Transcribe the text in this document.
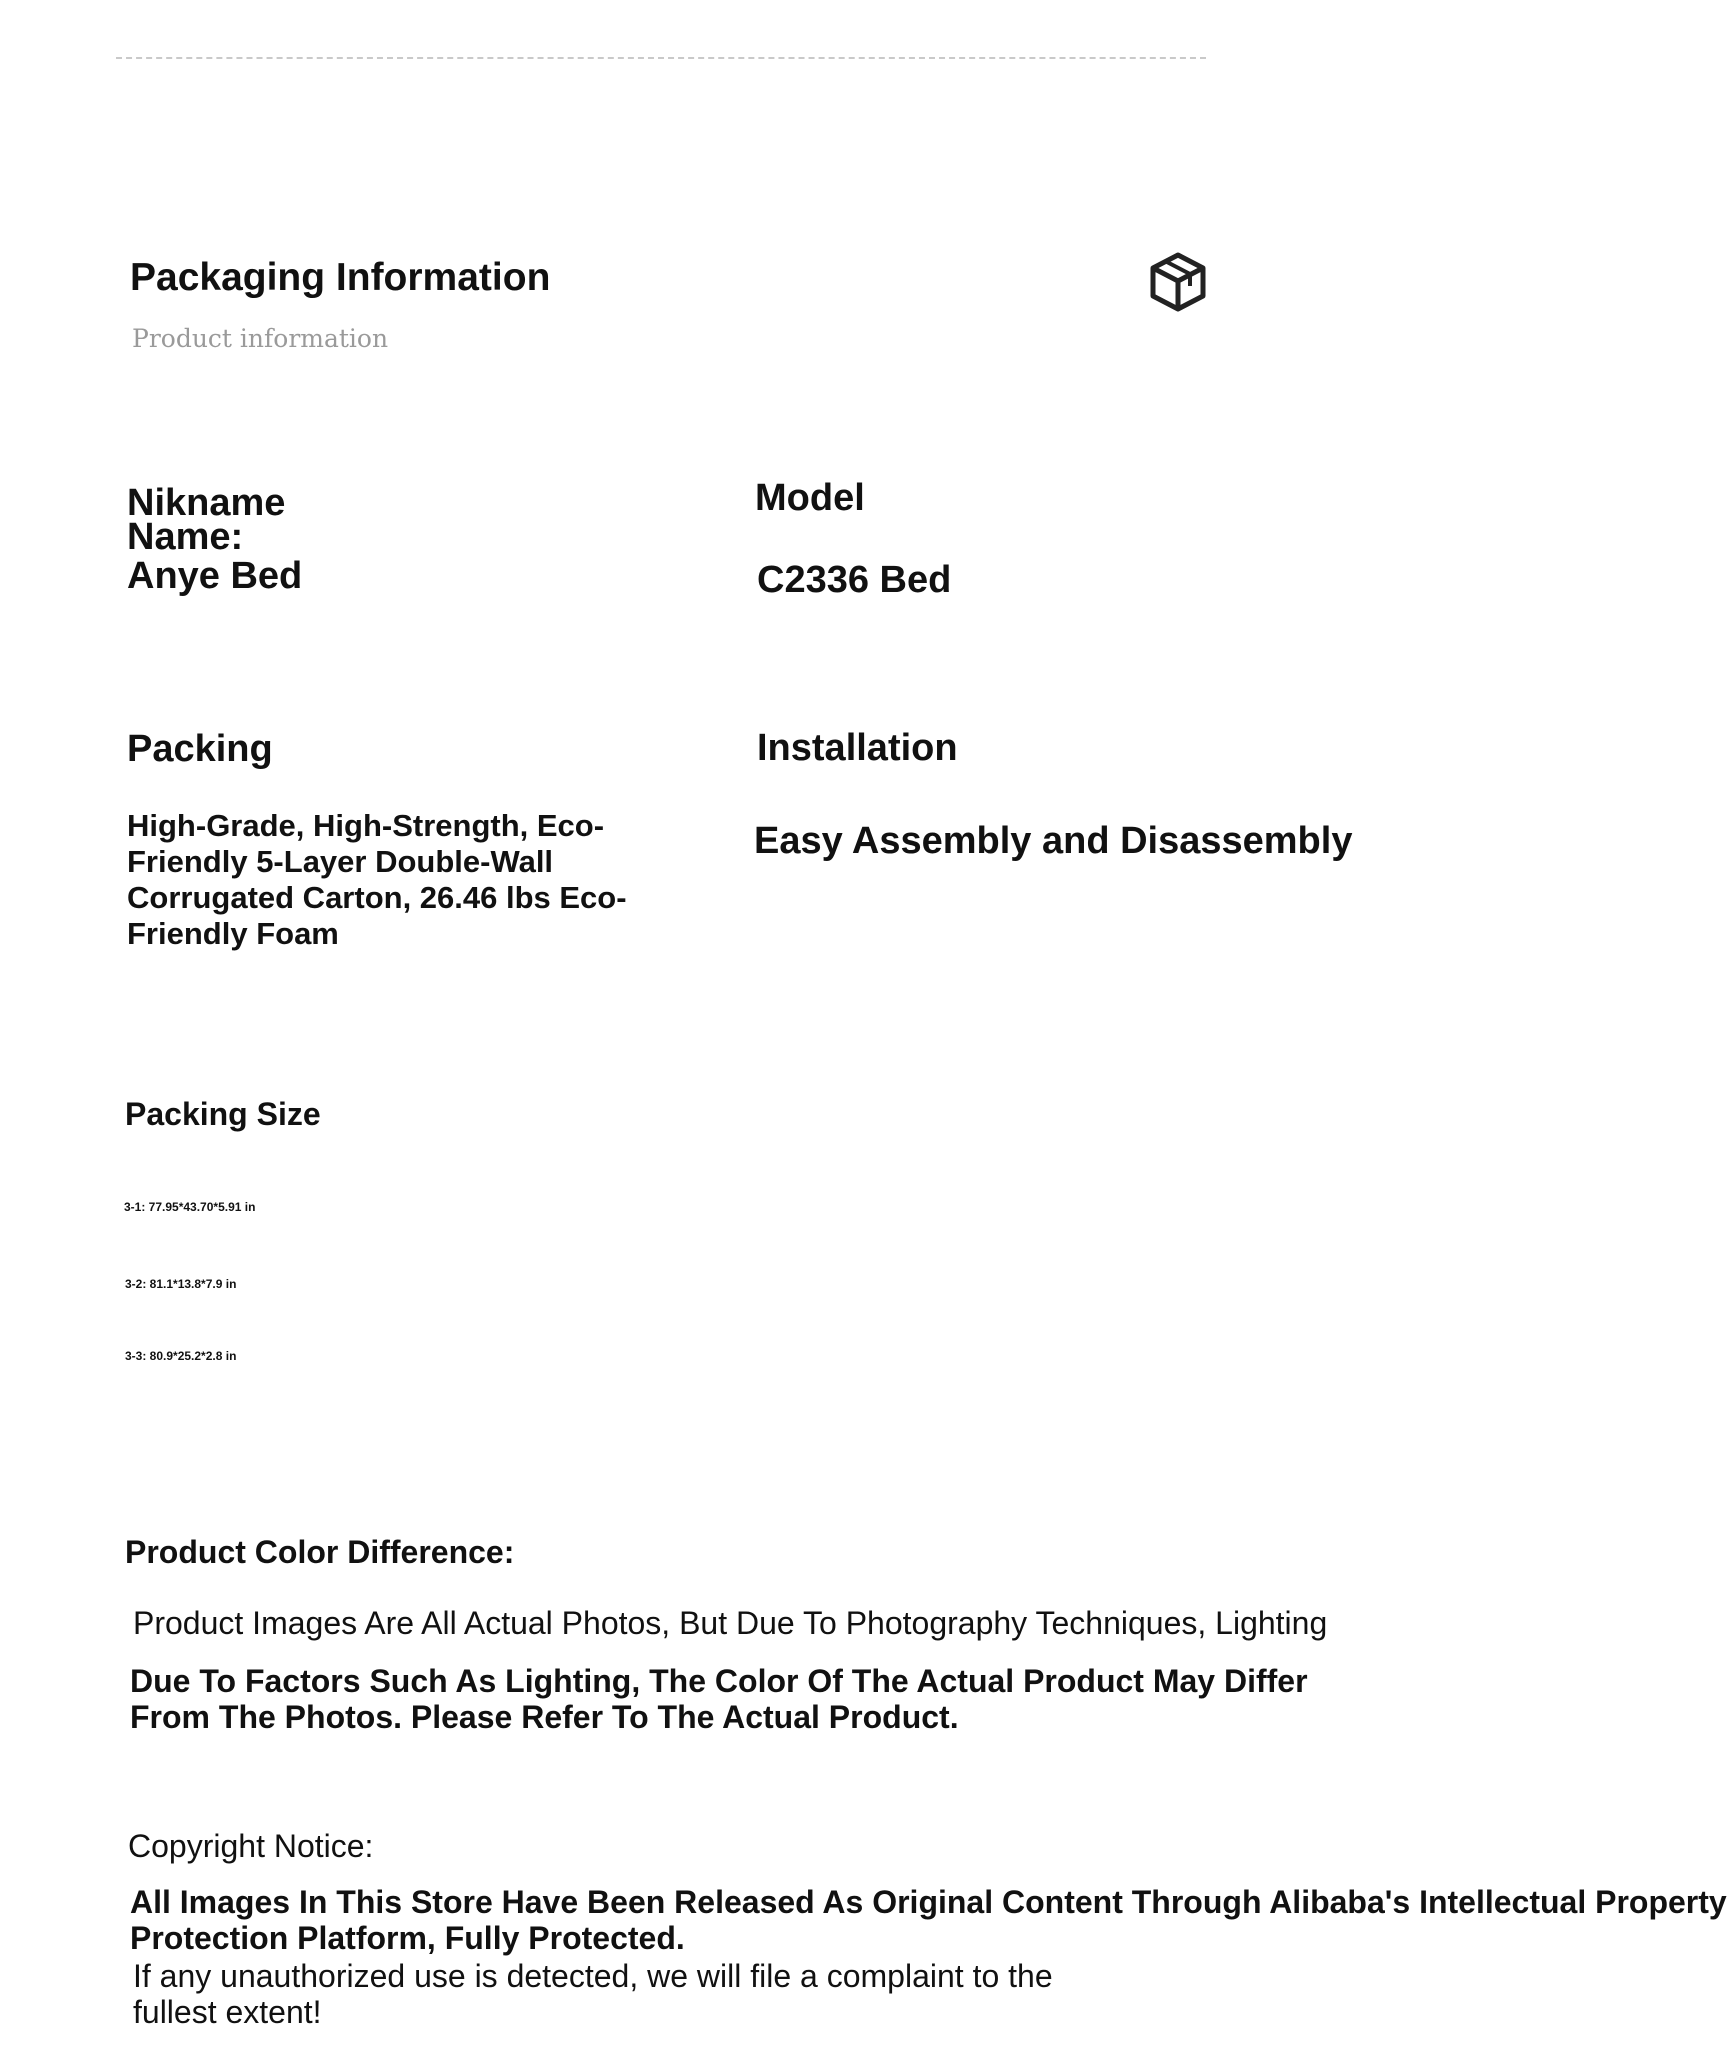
Packaging Information
Product information
Nikname Name:
Anye Bed
Model
C2336 Bed
Packing
High-Grade, High-Strength, Eco-Friendly 5-Layer Double-Wall Corrugated Carton, 26.46 lbs Eco-Friendly Foam
Installation
Easy Assembly and Disassembly
Packing Size
3-1: 77.95*43.70*5.91 in
3-2: 81.1*13.8*7.9 in
3-3: 80.9*25.2*2.8 in
Product Color Difference:
Product Images Are All Actual Photos, But Due To Photography Techniques, Lighting
Due To Factors Such As Lighting, The Color Of The Actual Product May Differ From The Photos. Please Refer To The Actual Product.
Copyright Notice:
All Images In This Store Have Been Released As Original Content Through Alibaba's Intellectual Property
Protection Platform, Fully Protected.
If any unauthorized use is detected, we will file a complaint to the fullest extent!
